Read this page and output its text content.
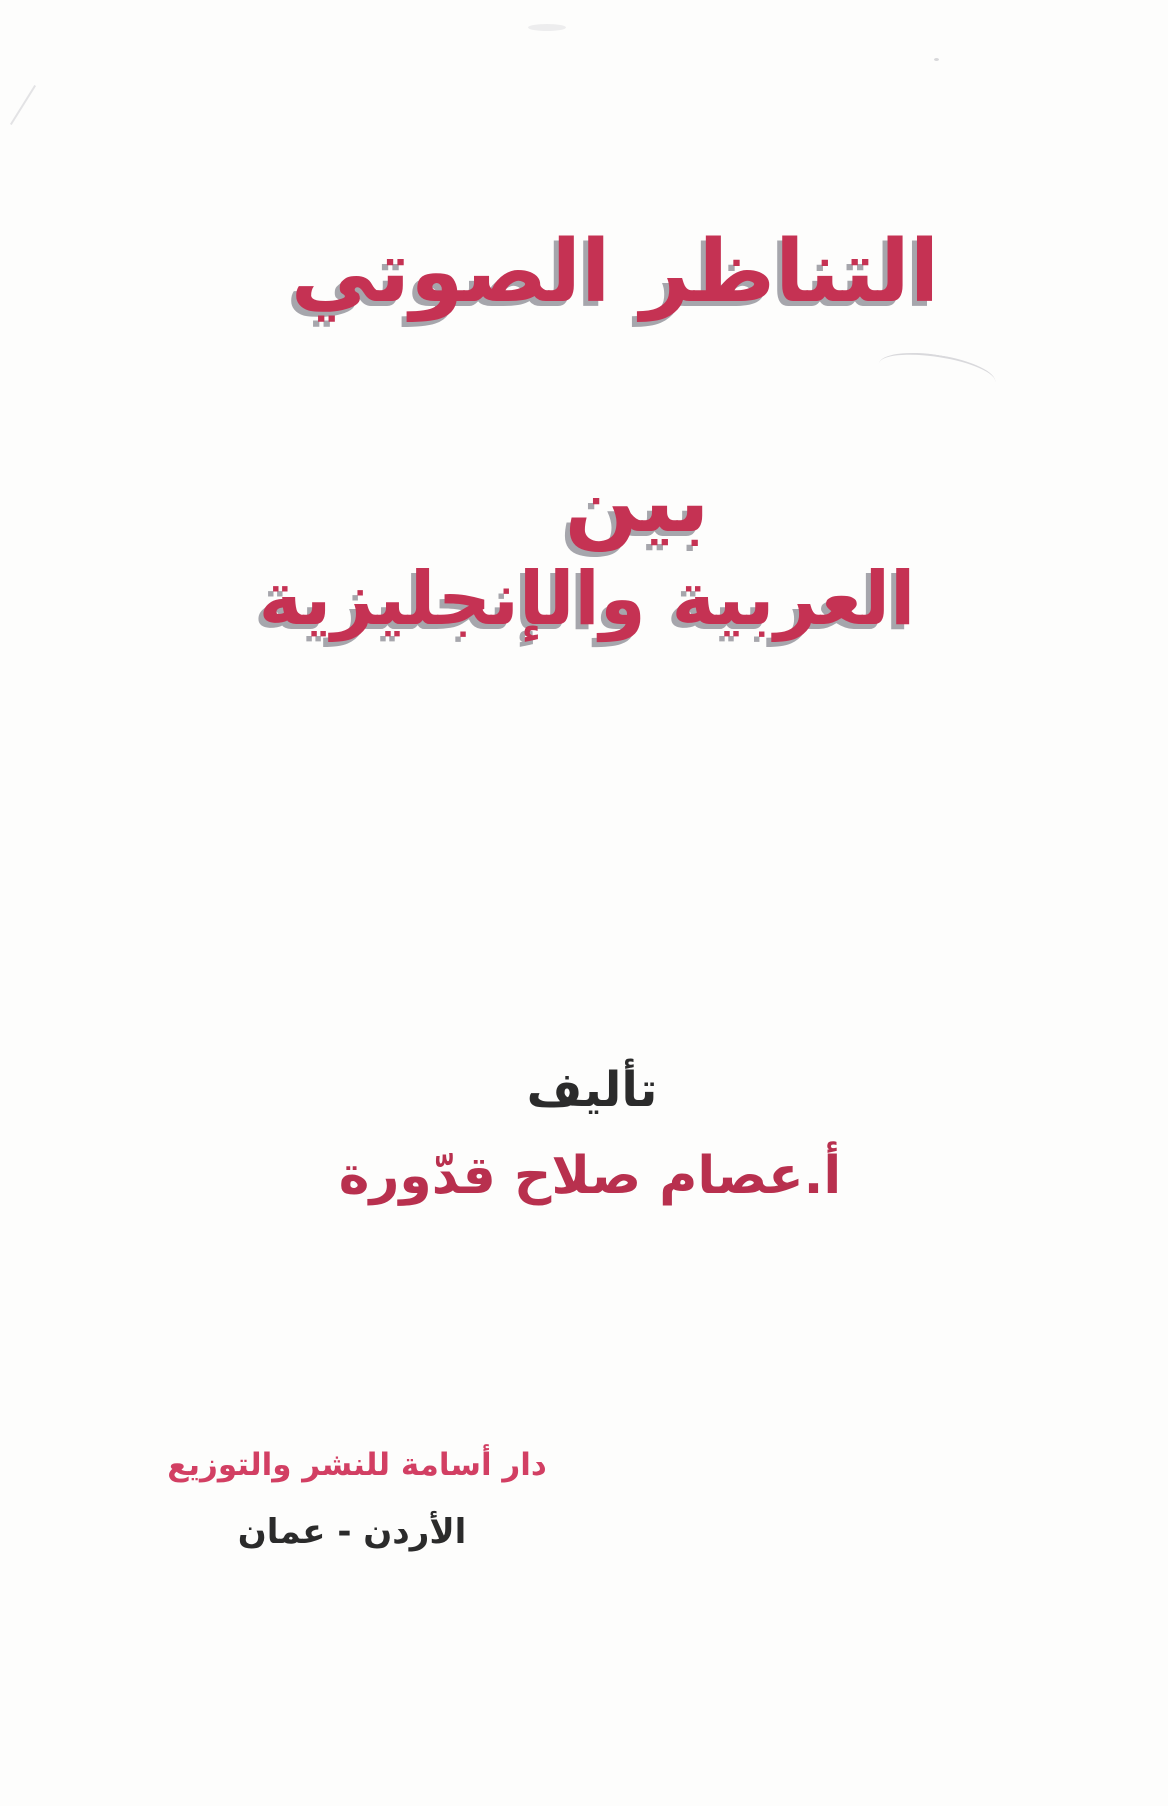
التناظر الصوتي
بين
العربية والإنجليزية
تأليف
أ.عصام صلاح قدّورة
دار أسامة للنشر والتوزيع
الأردن - عمان
